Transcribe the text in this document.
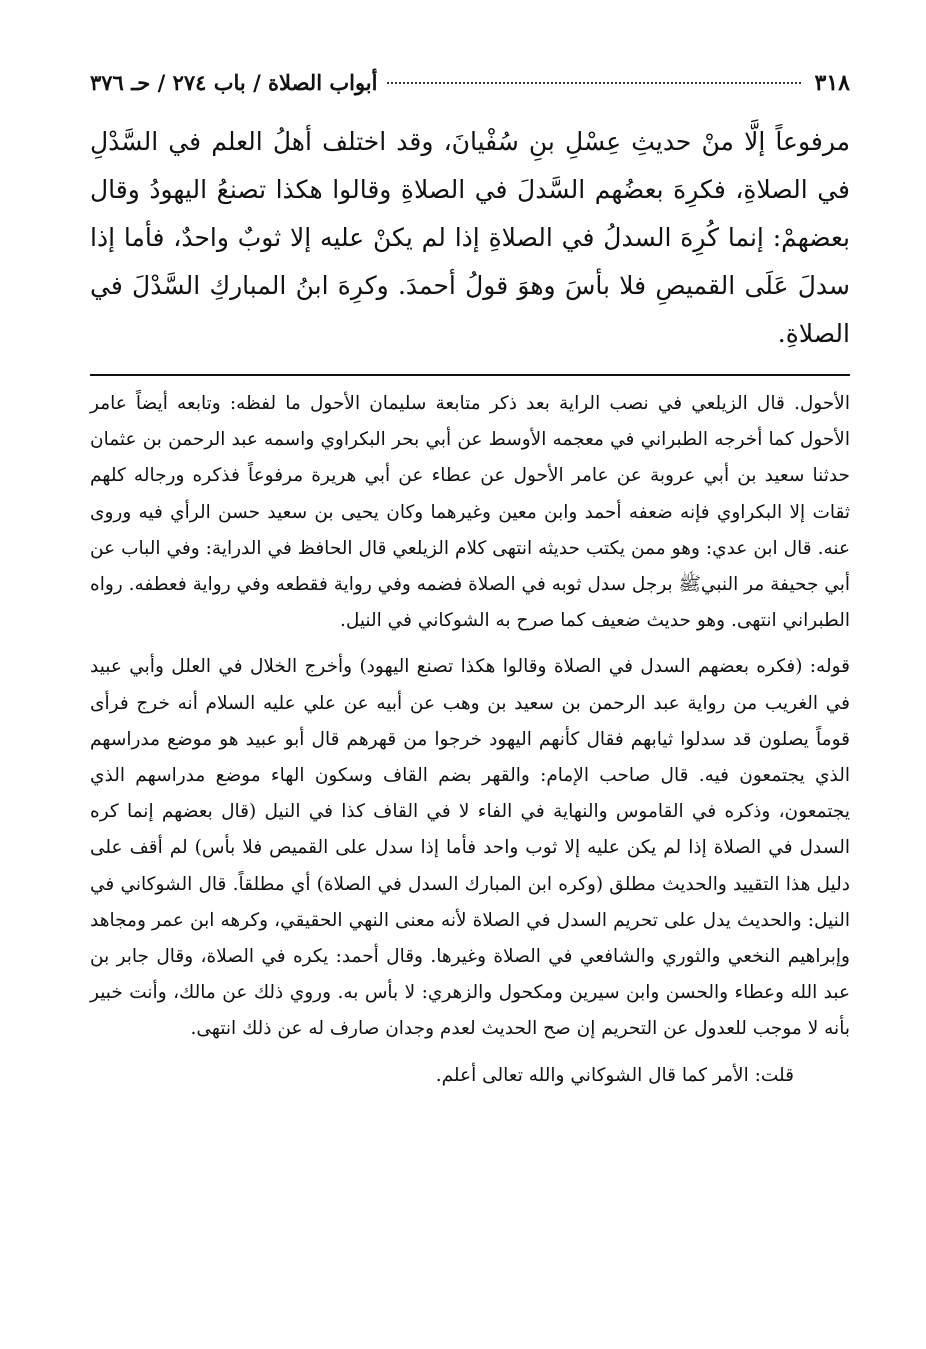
٣١٨
أبواب الصلاة / باب ٢٧٤ / حـ ٣٧٦
مرفوعاً إلَّا منْ حديثِ عِسْلِ بنِ سُفْيانَ، وقد اختلف أهلُ العلم في السَّدْلِ في الصلاةِ، فكرِهَ بعضُهم السَّدلَ في الصلاةِ وقالوا هكذا تصنعُ اليهودُ وقال بعضهمْ: إنما كُرِهَ السدلُ في الصلاةِ إذا لم يكنْ عليه إلا ثوبٌ واحدٌ، فأما إذا سدلَ عَلَى القميصِ فلا بأسَ وهوَ قولُ أحمدَ. وكرِهَ ابنُ المباركِ السَّدْلَ في الصلاةِ.

الأحول. قال الزيلعي في نصب الراية بعد ذكر متابعة سليمان الأحول ما لفظه: وتابعه أيضاً عامر الأحول كما أخرجه الطبراني في معجمه الأوسط عن أبي بحر البكراوي واسمه عبد الرحمن بن عثمان حدثنا سعيد بن أبي عروبة عن عامر الأحول عن عطاء عن أبي هريرة مرفوعاً فذكره ورجاله كلهم ثقات إلا البكراوي فإنه ضعفه أحمد وابن معين وغيرهما وكان يحيى بن سعيد حسن الرأي فيه وروى عنه. قال ابن عدي: وهو ممن يكتب حديثه انتهى كلام الزيلعي قال الحافظ في الدراية: وفي الباب عن أبي جحيفة مر النبيﷺ برجل سدل ثوبه في الصلاة فضمه وفي رواية فقطعه وفي رواية فعطفه. رواه الطبراني انتهى. وهو حديث ضعيف كما صرح به الشوكاني في النيل.

قوله: (فكره بعضهم السدل في الصلاة وقالوا هكذا تصنع اليهود) وأخرج الخلال في العلل وأبي عبيد في الغريب من رواية عبد الرحمن بن سعيد بن وهب عن أبيه عن علي عليه السلام أنه خرج فرأى قوماً يصلون قد سدلوا ثيابهم فقال كأنهم اليهود خرجوا من قهرهم قال أبو عبيد هو موضع مدراسهم الذي يجتمعون فيه. قال صاحب الإمام: والقهر بضم القاف وسكون الهاء موضع مدراسهم الذي يجتمعون، وذكره في القاموس والنهاية في الفاء لا في القاف كذا في النيل (قال بعضهم إنما كره السدل في الصلاة إذا لم يكن عليه إلا ثوب واحد فأما إذا سدل على القميص فلا بأس) لم أقف على دليل هذا التقييد والحديث مطلق (وكره ابن المبارك السدل في الصلاة) أي مطلقاً. قال الشوكاني في النيل: والحديث يدل على تحريم السدل في الصلاة لأنه معنى النهي الحقيقي، وكرهه ابن عمر ومجاهد وإبراهيم النخعي والثوري والشافعي في الصلاة وغيرها. وقال أحمد: يكره في الصلاة، وقال جابر بن عبد الله وعطاء والحسن وابن سيرين ومكحول والزهري: لا بأس به. وروي ذلك عن مالك، وأنت خبير بأنه لا موجب للعدول عن التحريم إن صح الحديث لعدم وجدان صارف له عن ذلك انتهى.

قلت: الأمر كما قال الشوكاني والله تعالى أعلم.
